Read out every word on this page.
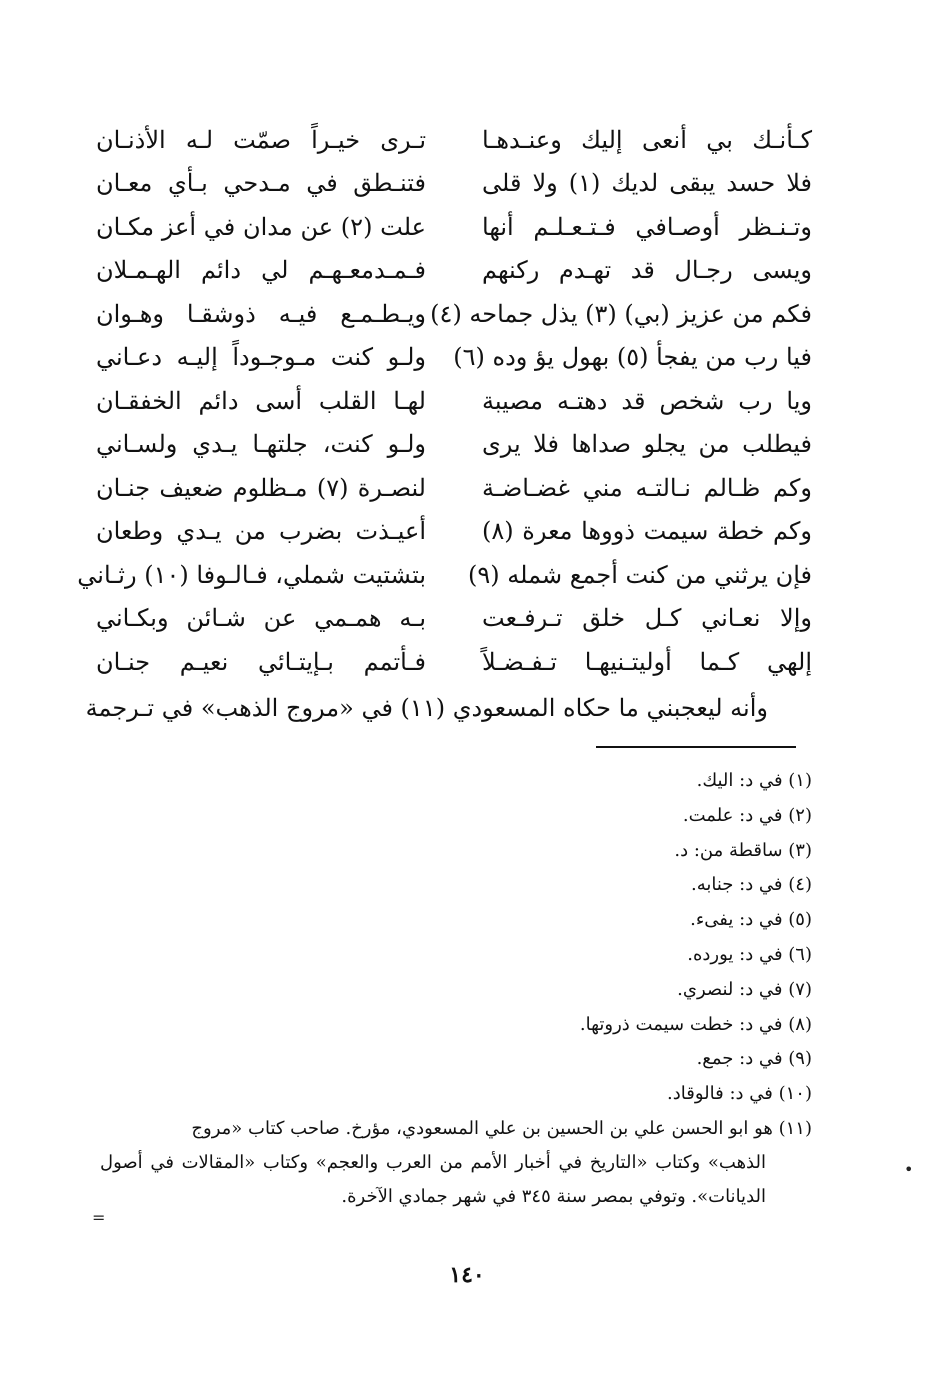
كـأنـك بي أنعى إليك وعنـدهـا
تـرى خيـراً صمّت لـه الأذنـان
فلا حسد يبقى لديك (١) ولا قلى
فتنـطق في مـدحي بـأي معـان
وتـنـظر أوصـافي فـتـعـلـم أنها
علت (٢) عن مدان في أعز مكـان
ويسى رجـال قد تهـدم ركنهم
فـمـدمعـهـم لي دائم الهـمـلان
فكم من عزيز (بي) (٣) يذل جماحه (٤)
ويـطـمـع فيـه ذوشقـا وهـوان
فيا رب من يفجأ (٥) بهول يؤ وده (٦)
ولـو كنت مـوجـوداً إليـه دعـاني
ويا رب شخص قد دهتـه مصيبة
لهـا القلب أسى دائم الخفقـان
فيطلب من يجلو صداها فلا يرى
ولـو كنت، جلتهـا يـدي ولسـاني
وكم ظـالم نـالتـه مني غضـاضـة
لنصـرة (٧) مـظلوم ضعيف جنـان
وكم خطة سيمت ذووها معرة (٨)
أعيـذت بضرب من يـدي وطعان
فإن يرثني من كنت أجمع شمله (٩)
بتشتيت شملي، فـالـوفا (١٠) رثـاني
وإلا نعـاني كـل خلق تـرفـعت
بـه همـمي عن شـائن وبكـاني
إلهي كـما أوليتـنيهـا تـفـضـلاً
فـأتمم بـإيتـائي نعيـم جنـان
وأنه ليعجبني ما حكاه المسعودي (١١) في «مروج الذهب» في تـرجمة
(١) في د: اليك.
(٢) في د: علمت.
(٣) ساقطة من: د.
(٤) في د: جنابه.
(٥) في د: يفىء.
(٦) في د: يورده.
(٧) في د: لنصري.
(٨) في د: خطت سيمت ذروتها.
(٩) في د: جمع.
(١٠) في د: فالوقاد.
(١١) هو ابو الحسن علي بن الحسين بن علي المسعودي، مؤرخ. صاحب كتاب «مروج
الذهب» وكتاب «التاريخ في أخبار الأمم من العرب والعجم» وكتاب «المقالات في أصول الديانات». وتوفي بمصر سنة ٣٤٥ في شهر جمادي الآخرة.
١٤٠
•
=
